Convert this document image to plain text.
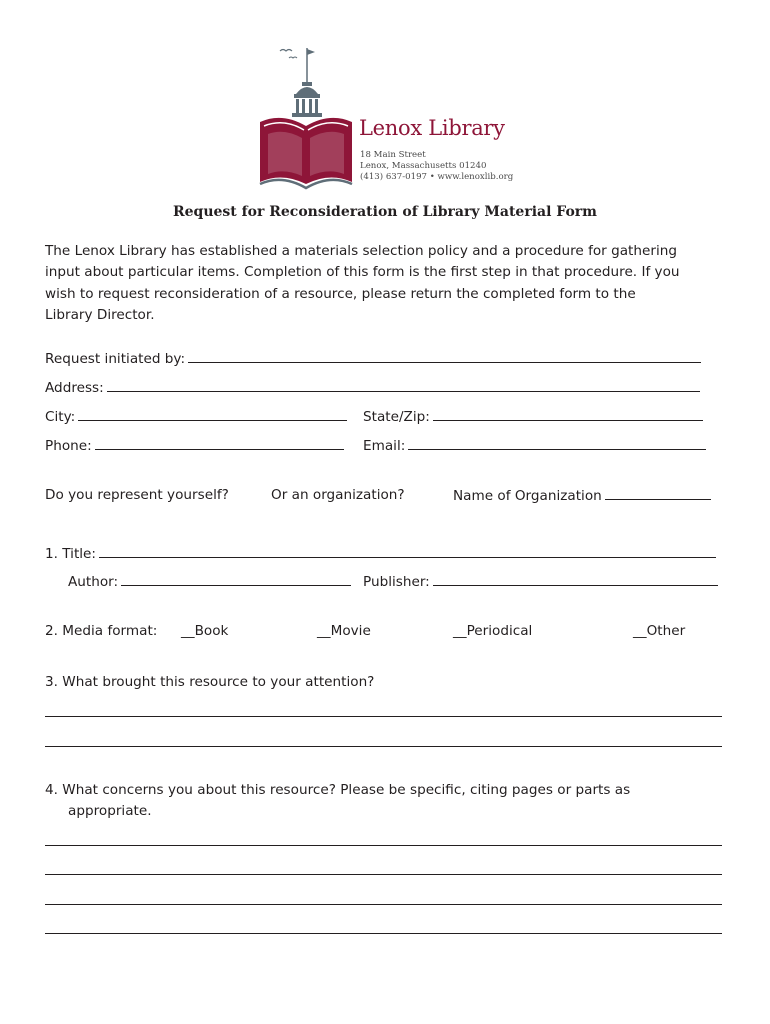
Lenox Library
18 Main Street
Lenox, Massachusetts 01240
(413) 637-0197 • www.lenoxlib.org
Request for Reconsideration of Library Material Form
The Lenox Library has established a materials selection policy and a procedure for gathering
input about particular items. Completion of this form is the first step in that procedure. If you
wish to request reconsideration of a resource, please return the completed form to the
Library Director.
Request initiated by:
Address:
City:	State/Zip:
Phone:	Email:
Do you represent yourself?	Or an organization?	Name of Organization
1. Title:
Author:	Publisher:
2. Media format: __Book	__Movie	__Periodical	__Other
3. What brought this resource to your attention?
4. What concerns you about this resource? Please be specific, citing pages or parts as
appropriate.
